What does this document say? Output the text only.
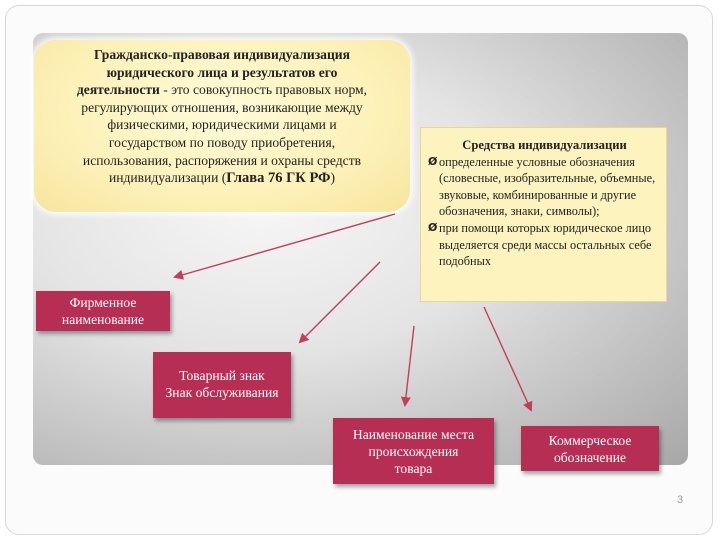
Гражданско-правовая индивидуализация
юридического лица и результатов его
деятельности - это совокупность правовых норм,
регулирующих отношения, возникающие между
физическими, юридическими лицами и
государством по поводу приобретения,
использования, распоряжения и охраны средств
индивидуализации (Глава 76 ГК РФ)
Средства индивидуализации
Ø определенные условные обозначения (словесные, изобразительные, объемные, звуковые, комбинированные и другие обозначения, знаки, символы);
Ø при помощи которых юридическое лицо выделяется среди массы остальных себе подобных
Фирменное
наименование
Товарный знак
Знак обслуживания
Наименование места
происхождения
товара
Коммерческое
обозначение
3
